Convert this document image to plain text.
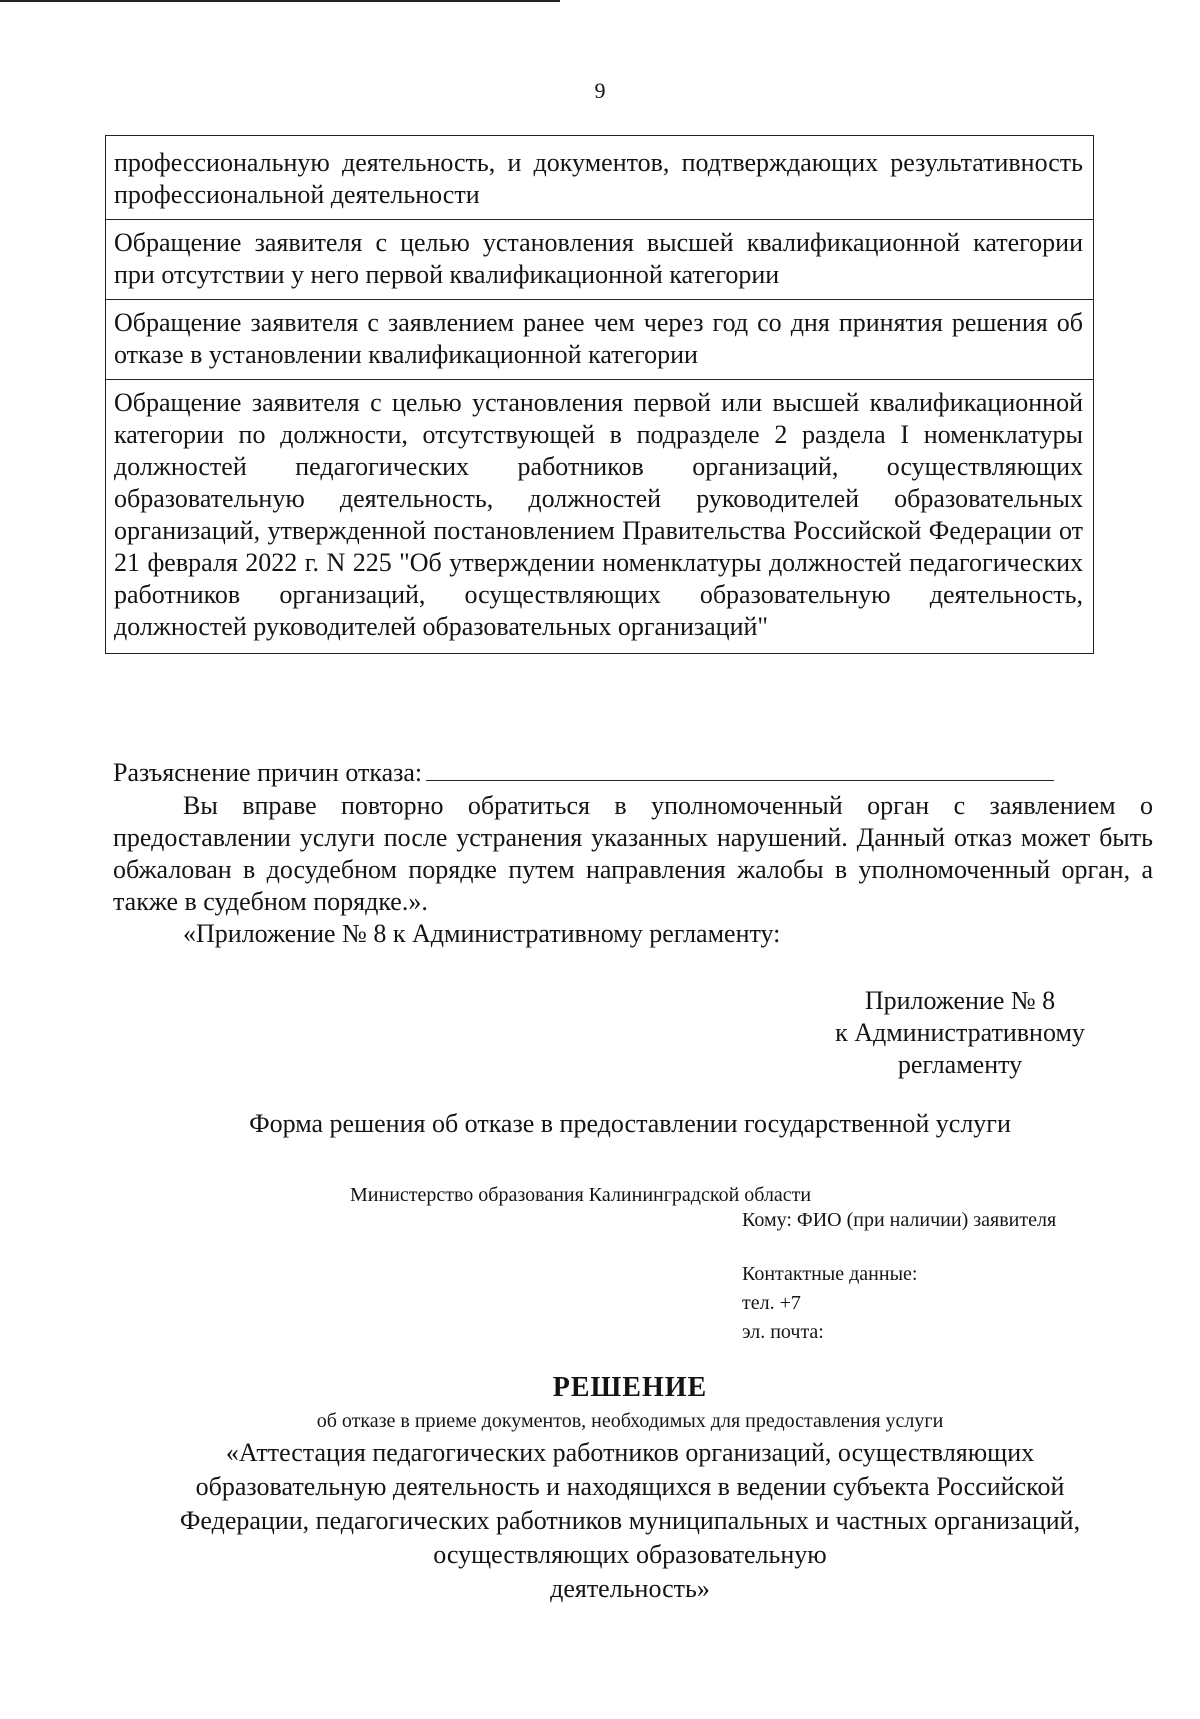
9
профессиональную деятельность, и документов, подтверждающих результативность профессиональной деятельности
Обращение заявителя с целью установления высшей квалификационной категории при отсутствии у него первой квалификационной категории
Обращение заявителя с заявлением ранее чем через год со дня принятия решения об отказе в установлении квалификационной категории
Обращение заявителя с целью установления первой или высшей квалификационной категории по должности, отсутствующей в подразделе 2 раздела I номенклатуры должностей педагогических работников организаций, осуществляющих образовательную деятельность, должностей руководителей образовательных организаций, утвержденной постановлением Правительства Российской Федерации от 21 февраля 2022 г. N 225 "Об утверждении номенклатуры должностей педагогических работников организаций, осуществляющих образовательную деятельность, должностей руководителей образовательных организаций"
Разъяснение причин отказа:
Вы вправе повторно обратиться в уполномоченный орган с заявлением о предоставлении услуги после устранения указанных нарушений. Данный отказ может быть обжалован в досудебном порядке путем направления жалобы в уполномоченный орган, а также в судебном порядке.».
«Приложение № 8 к Административному регламенту:
Приложение № 8
к Административному
регламенту
Форма решения об отказе в предоставлении государственной услуги
Министерство образования Калининградской области
Кому: ФИО (при наличии) заявителя
Контактные данные:
тел. +7
эл. почта:
РЕШЕНИЕ
об отказе в приеме документов, необходимых для предоставления услуги
«Аттестация педагогических работников организаций, осуществляющих
образовательную деятельность и находящихся в ведении субъекта Российской
Федерации, педагогических работников муниципальных и частных организаций,
осуществляющих образовательную
деятельность»
